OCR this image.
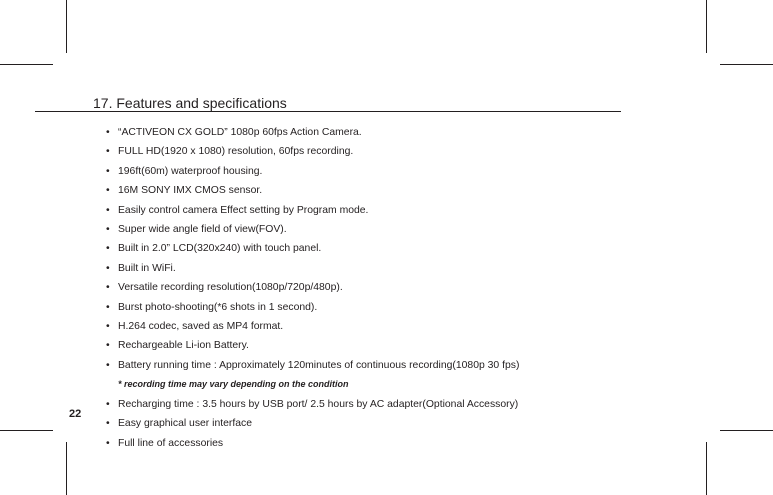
17. Features and specifications
• “ACTIVEON CX GOLD” 1080p 60fps Action Camera.
• FULL HD(1920 x 1080) resolution, 60fps recording.
• 196ft(60m) waterproof housing.
• 16M SONY IMX CMOS sensor.
• Easily control camera Effect setting by Program mode.
• Super wide angle field of view(FOV).
• Built in 2.0” LCD(320x240) with touch panel.
• Built in WiFi.
• Versatile recording resolution(1080p/720p/480p).
• Burst photo-shooting(*6 shots in 1 second).
• H.264 codec, saved as MP4 format.
• Rechargeable Li-ion Battery.
• Battery running time : Approximately 120minutes of continuous recording(1080p 30 fps)
* recording time may vary depending on the condition
• Recharging time : 3.5 hours by USB port/ 2.5 hours by AC adapter(Optional Accessory)
• Easy graphical user interface
• Full line of accessories
22
